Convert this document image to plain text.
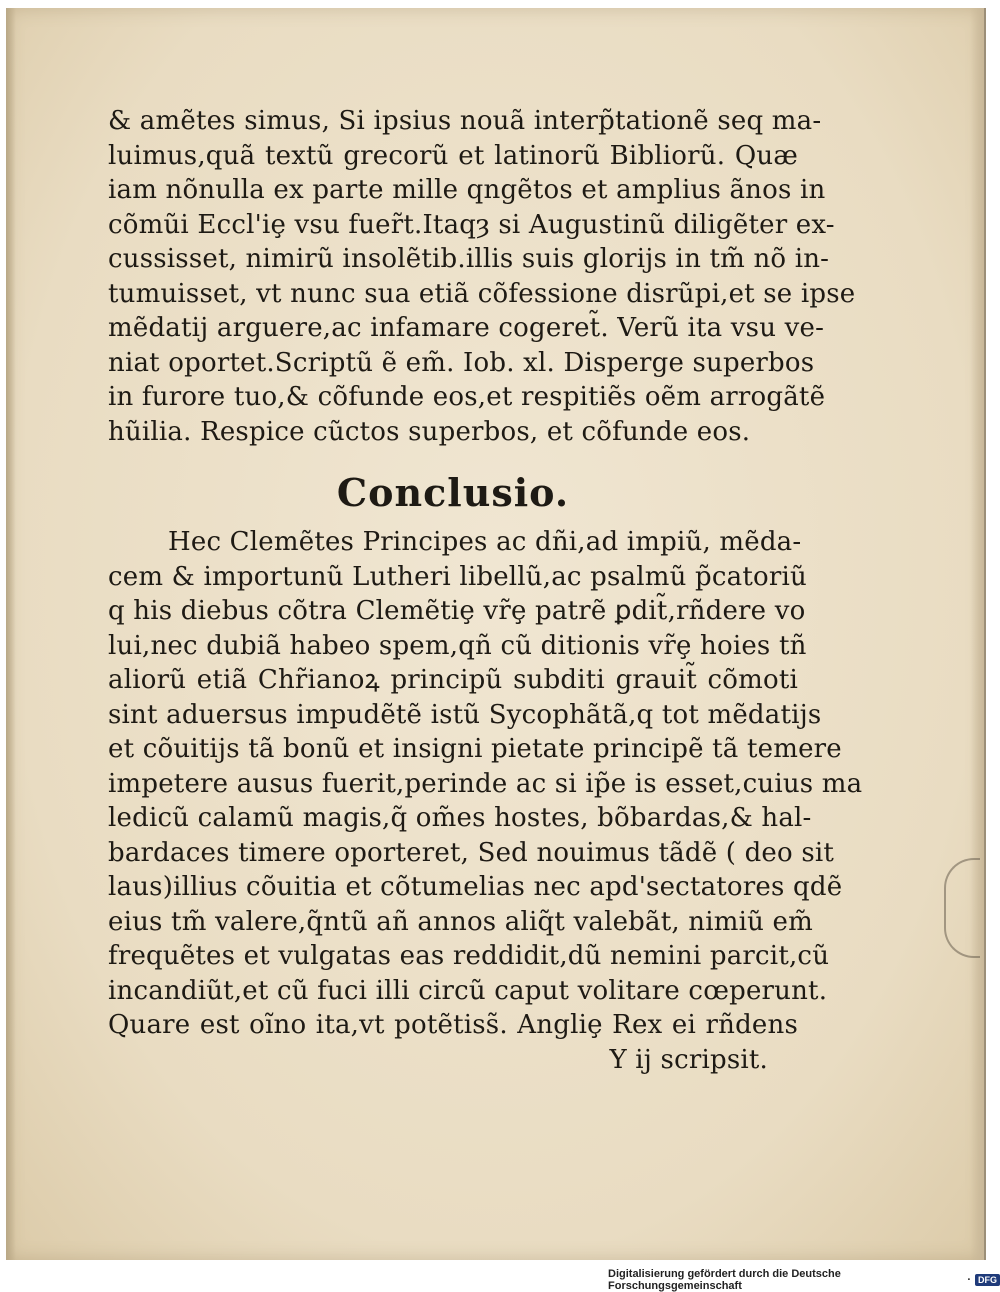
& amẽtes simus, Si ipsius nouã interp̃tationẽ seq ma-
luimus,quã textũ grecorũ et latinorũ Bibliorũ. Quæ
iam nõnulla ex parte mille qngẽtos et amplius ãnos in
cõmũi Eccl'iȩ vsu fuer̃t.Itaqȝ si Augustinũ diligẽter ex-
cussisset, nimirũ insolẽtib.illis suis glorijs in tm̃ nõ in-
tumuisset, vt nunc sua etiã cõfessione disrũpi,et se ipse
mẽdatij arguere,ac infamare cogeret̃. Verũ ita vsu ve-
niat oportet.Scriptũ ẽ em̃. Iob. xl. Disperge superbos
in furore tuo,& cõfunde eos,et respitiẽs oẽm arrogãtẽ
hũilia. Respice cũctos superbos, et cõfunde eos.
Conclusio.
Hec Clemẽtes Principes ac dñi,ad impiũ, mẽda-
cem & importunũ Lutheri libellũ,ac psalmũ p̃catoriũ
q his diebus cõtra Clemẽtiȩ vr̃ȩ patrẽ ꝑdit̃,rñdere vo
lui,nec dubiã habeo spem,qñ cũ ditionis vr̃ȩ hoies tñ
aliorũ etiã Chr̃ianoꝝ principũ subditi grauit̃ cõmoti
sint aduersus impudẽtẽ istũ Sycophãtã,q tot mẽdatijs
et cõuitijs tã bonũ et insigni pietate principẽ tã temere
impetere ausus fuerit,perinde ac si ip̃e is esset,cuius ma
ledicũ calamũ magis,q̃ om̃es hostes, bõbardas,& hal-
bardaces timere oporteret, Sed nouimus tãdẽ ( deo sit
laus)illius cõuitia et cõtumelias nec apd'sectatores qdẽ
eius tm̃ valere,q̃ntũ añ annos aliq̃t valebãt, nimiũ em̃
frequẽtes et vulgatas eas reddidit,dũ nemini parcit,cũ
incandiũt,et cũ fuci illi circũ caput volitare cœperunt.
Quare est oĩno ita,vt potẽtiss̃. Angliȩ Rex ei rñdens
Y ij scripsit.
Digitalisierung gefördert durch die Deutsche Forschungsgemeinschaft	· DFG
